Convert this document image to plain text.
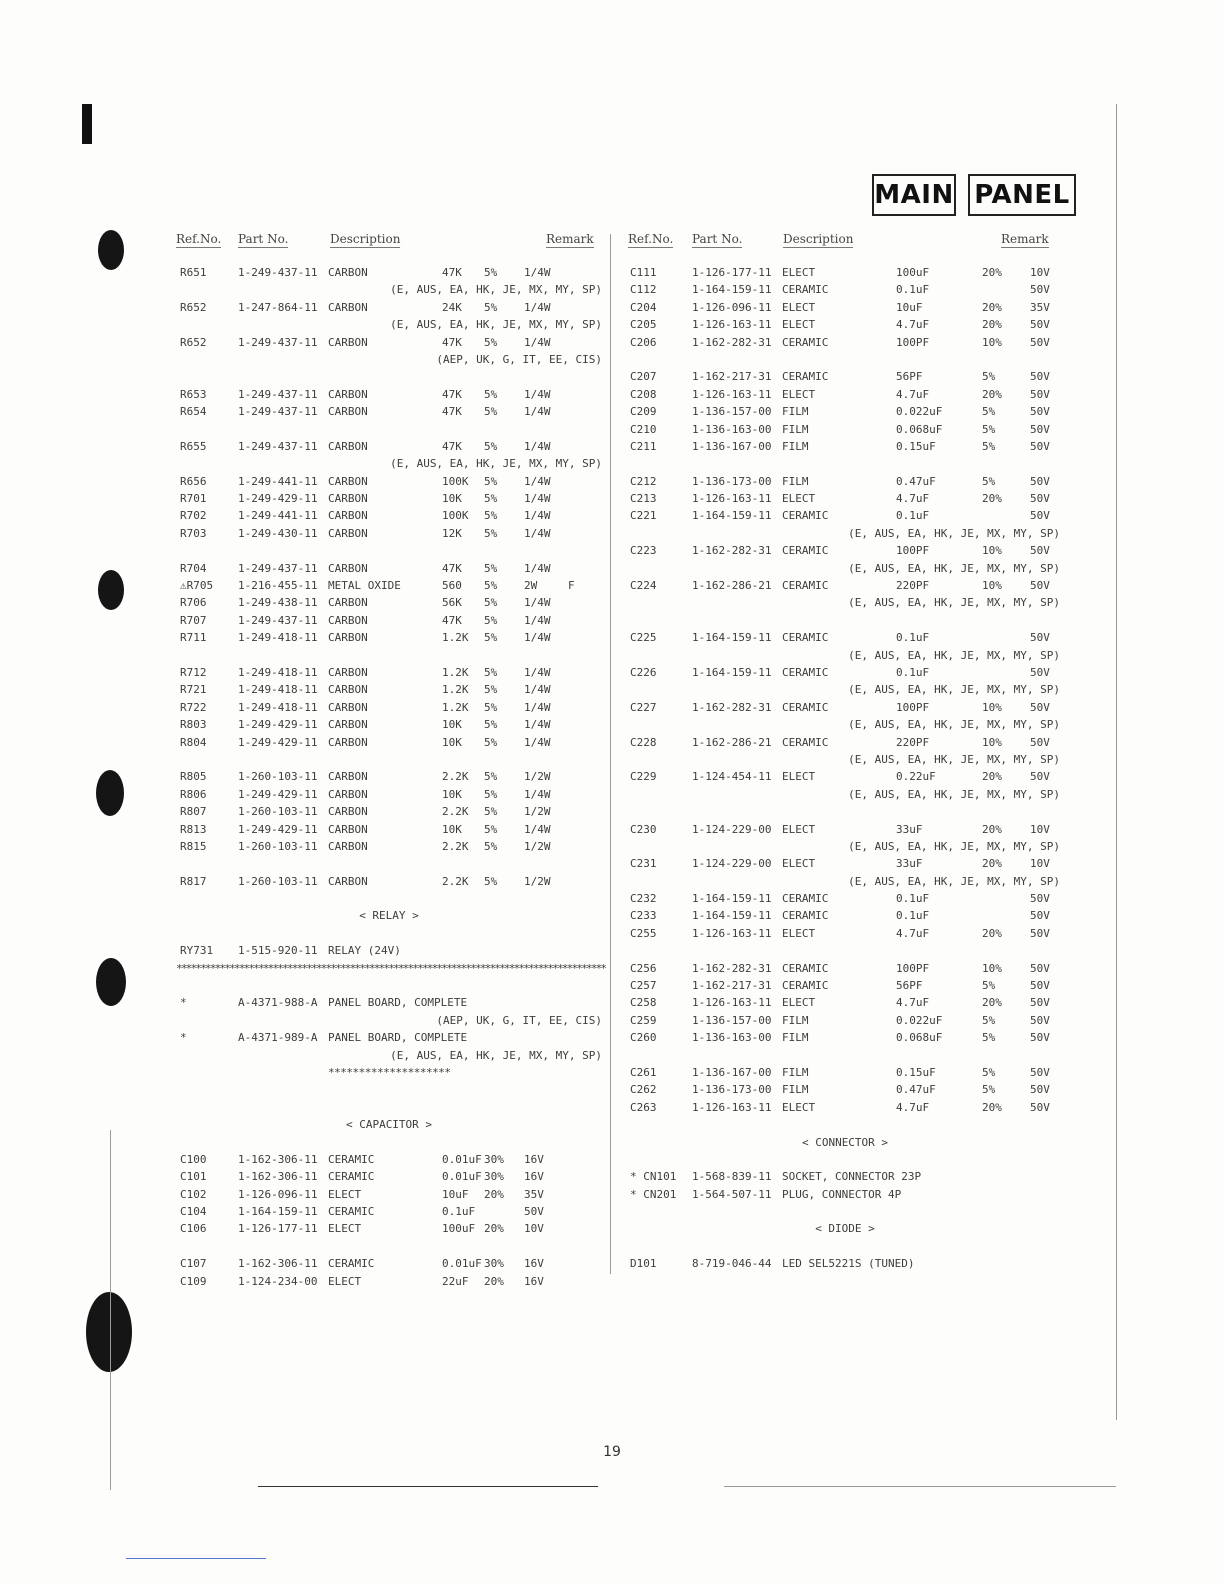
MAIN PANEL
Ref.No. Part No.	Description	Remark	Ref.No. Part No.	Description	Remark
R651	1-249-437-11 CARBON	47K 5% 1/4W
(E, AUS, EA, HK, JE, MX, MY, SP)
R652	1-247-864-11 CARBON	24K 5% 1/4W
(E, AUS, EA, HK, JE, MX, MY, SP)
R652	1-249-437-11 CARBON	47K 5% 1/4W
(AEP, UK, G, IT, EE, CIS)
R653	1-249-437-11 CARBON	47K 5% 1/4W
R654	1-249-437-11 CARBON	47K 5% 1/4W
R655	1-249-437-11 CARBON	47K 5% 1/4W
(E, AUS, EA, HK, JE, MX, MY, SP)
R656	1-249-441-11 CARBON	100K 5% 1/4W
R701	1-249-429-11 CARBON	10K 5% 1/4W
R702	1-249-441-11 CARBON	100K 5% 1/4W
R703	1-249-430-11 CARBON	12K 5% 1/4W
R704	1-249-437-11 CARBON	47K 5% 1/4W
⚠R705 1-216-455-11 METAL OXIDE	560 5% 2W	F
R706	1-249-438-11 CARBON	56K 5% 1/4W
R707	1-249-437-11 CARBON	47K 5% 1/4W
R711	1-249-418-11 CARBON	1.2K 5% 1/4W
R712	1-249-418-11 CARBON	1.2K 5% 1/4W
R721	1-249-418-11 CARBON	1.2K 5% 1/4W
R722	1-249-418-11 CARBON	1.2K 5% 1/4W
R803	1-249-429-11 CARBON	10K 5% 1/4W
R804	1-249-429-11 CARBON	10K 5% 1/4W
R805	1-260-103-11 CARBON	2.2K 5% 1/2W
R806	1-249-429-11 CARBON	10K 5% 1/4W
R807	1-260-103-11 CARBON	2.2K 5% 1/2W
R813	1-249-429-11 CARBON	10K 5% 1/4W
R815	1-260-103-11 CARBON	2.2K 5% 1/2W
R817	1-260-103-11 CARBON	2.2K 5% 1/2W
< RELAY >
RY731 1-515-920-11 RELAY (24V)
*****************************************************************************************
*	A-4371-988-A PANEL BOARD, COMPLETE
(AEP, UK, G, IT, EE, CIS)
*	A-4371-989-A PANEL BOARD, COMPLETE
(E, AUS, EA, HK, JE, MX, MY, SP)
********************
< CAPACITOR >
C100	1-162-306-11 CERAMIC	0.01uF 30% 16V
C101	1-162-306-11 CERAMIC	0.01uF 30% 16V
C102	1-126-096-11 ELECT	10uF 20% 35V
C104	1-164-159-11 CERAMIC	0.1uF	50V
C106	1-126-177-11 ELECT	100uF 20% 10V
C107	1-162-306-11 CERAMIC	0.01uF 30% 16V
C109	1-124-234-00 ELECT	22uF 20% 16V
C111	1-126-177-11 ELECT	100uF	20%	10V
C112	1-164-159-11 CERAMIC	0.1uF	50V
C204	1-126-096-11 ELECT	10uF	20%	35V
C205	1-126-163-11 ELECT	4.7uF	20%	50V
C206	1-162-282-31 CERAMIC	100PF	10%	50V
C207	1-162-217-31 CERAMIC	56PF	5%	50V
C208	1-126-163-11 ELECT	4.7uF	20%	50V
C209	1-136-157-00 FILM	0.022uF	5%	50V
C210	1-136-163-00 FILM	0.068uF	5%	50V
C211	1-136-167-00 FILM	0.15uF	5%	50V
C212	1-136-173-00 FILM	0.47uF	5%	50V
C213	1-126-163-11 ELECT	4.7uF	20%	50V
C221	1-164-159-11 CERAMIC	0.1uF	50V
(E, AUS, EA, HK, JE, MX, MY, SP)
C223	1-162-282-31 CERAMIC	100PF	10%	50V
(E, AUS, EA, HK, JE, MX, MY, SP)
C224	1-162-286-21 CERAMIC	220PF	10%	50V
(E, AUS, EA, HK, JE, MX, MY, SP)
C225	1-164-159-11 CERAMIC	0.1uF	50V
(E, AUS, EA, HK, JE, MX, MY, SP)
C226	1-164-159-11 CERAMIC	0.1uF	50V
(E, AUS, EA, HK, JE, MX, MY, SP)
C227	1-162-282-31 CERAMIC	100PF	10%	50V
(E, AUS, EA, HK, JE, MX, MY, SP)
C228	1-162-286-21 CERAMIC	220PF	10%	50V
(E, AUS, EA, HK, JE, MX, MY, SP)
C229	1-124-454-11 ELECT	0.22uF	20%	50V
(E, AUS, EA, HK, JE, MX, MY, SP)
C230	1-124-229-00 ELECT	33uF	20%	10V
(E, AUS, EA, HK, JE, MX, MY, SP)
C231	1-124-229-00 ELECT	33uF	20%	10V
(E, AUS, EA, HK, JE, MX, MY, SP)
C232	1-164-159-11 CERAMIC	0.1uF	50V
C233	1-164-159-11 CERAMIC	0.1uF	50V
C255	1-126-163-11 ELECT	4.7uF	20%	50V
C256	1-162-282-31 CERAMIC	100PF	10%	50V
C257	1-162-217-31 CERAMIC	56PF	5%	50V
C258	1-126-163-11 ELECT	4.7uF	20%	50V
C259	1-136-157-00 FILM	0.022uF	5%	50V
C260	1-136-163-00 FILM	0.068uF	5%	50V
C261	1-136-167-00 FILM	0.15uF	5%	50V
C262	1-136-173-00 FILM	0.47uF	5%	50V
C263	1-126-163-11 ELECT	4.7uF	20%	50V
< CONNECTOR >
* CN101 1-568-839-11 SOCKET, CONNECTOR 23P
* CN201 1-564-507-11 PLUG, CONNECTOR 4P
< DIODE >
D101	8-719-046-44 LED SEL5221S (TUNED)
19
